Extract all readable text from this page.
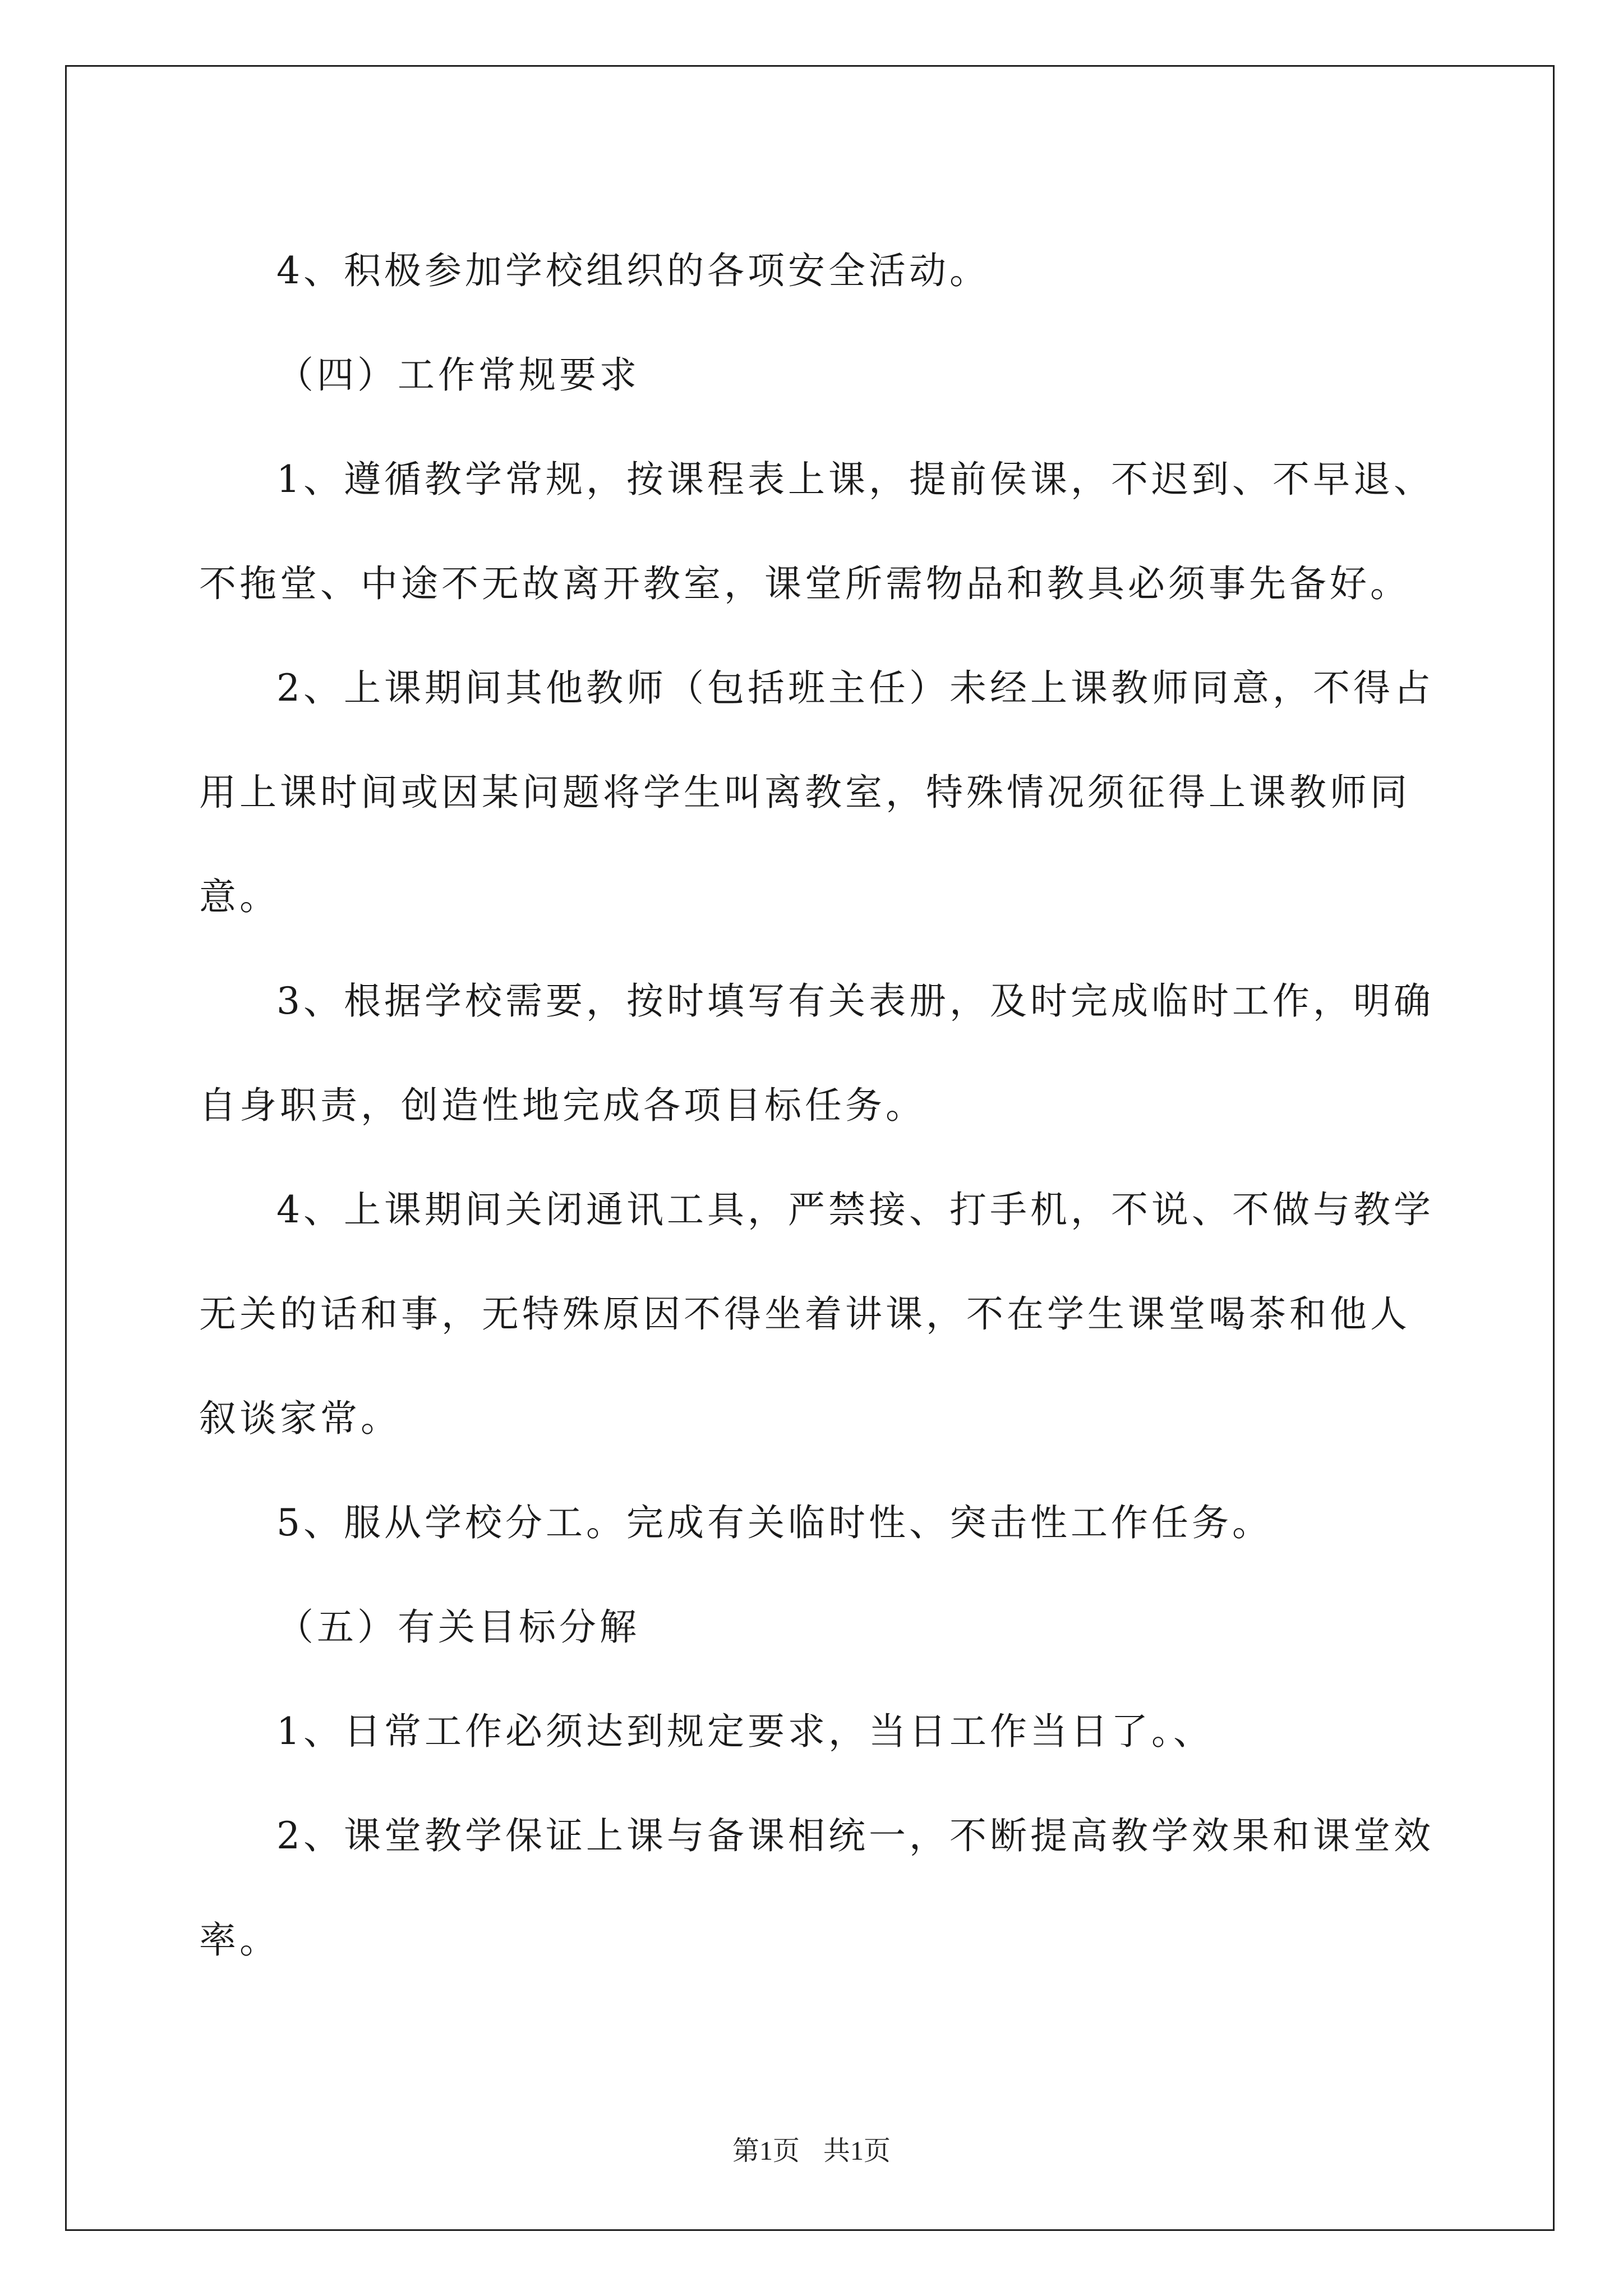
4、积极参加学校组织的各项安全活动。

（四）工作常规要求

1、遵循教学常规，按课程表上课，提前侯课，不迟到、不早退、

不拖堂、中途不无故离开教室，课堂所需物品和教具必须事先备好。

2、上课期间其他教师（包括班主任）未经上课教师同意，不得占

用上课时间或因某问题将学生叫离教室，特殊情况须征得上课教师同

意。

3、根据学校需要，按时填写有关表册，及时完成临时工作，明确

自身职责，创造性地完成各项目标任务。

4、上课期间关闭通讯工具，严禁接、打手机，不说、不做与教学

无关的话和事，无特殊原因不得坐着讲课，不在学生课堂喝茶和他人

叙谈家常。

5、服从学校分工。完成有关临时性、突击性工作任务。

（五）有关目标分解

1、日常工作必须达到规定要求，当日工作当日了。、

2、课堂教学保证上课与备课相统一，不断提高教学效果和课堂效

率。

第1页 共1页
